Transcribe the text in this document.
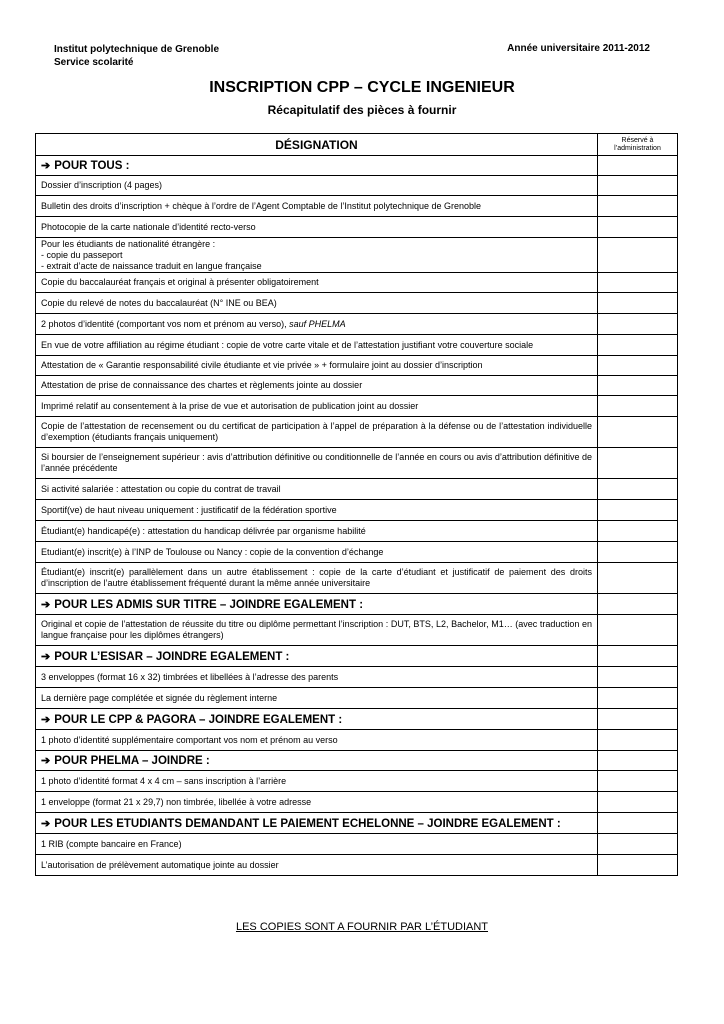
Institut polytechnique de Grenoble
Service scolarité
Année universitaire 2011-2012
INSCRIPTION CPP – CYCLE INGENIEUR
Récapitulatif des pièces à fournir
DÉSIGNATION	Réservé à l’administration
➔ POUR TOUS :	
Dossier d’inscription (4 pages)	
Bulletin des droits d’inscription + chèque à l’ordre de l’Agent Comptable de l’Institut polytechnique de Grenoble	
Photocopie de la carte nationale d’identité recto-verso	
Pour les étudiants de nationalité étrangère :
- copie du passeport
- extrait d’acte de naissance traduit en langue française	
Copie du baccalauréat français et original à présenter obligatoirement	
Copie du relevé de notes du baccalauréat (N° INE ou BEA)	
2 photos d’identité (comportant vos nom et prénom au verso), sauf PHELMA	
En vue de votre affiliation au régime étudiant : copie de votre carte vitale et de l’attestation justifiant votre couverture sociale	
Attestation de « Garantie responsabilité civile étudiante et vie privée » + formulaire joint au dossier d’inscription	
Attestation de prise de connaissance des chartes et règlements jointe au dossier	
Imprimé relatif au consentement à la prise de vue et autorisation de publication joint au dossier	
Copie de l’attestation de recensement ou du certificat de participation à l’appel de préparation à la défense ou de l’attestation individuelle d’exemption (étudiants français uniquement)	
Si boursier de l’enseignement supérieur : avis d’attribution définitive ou conditionnelle de l’année en cours ou avis d’attribution définitive de l’année précédente	
Si activité salariée : attestation ou copie du contrat de travail	
Sportif(ve) de haut niveau uniquement : justificatif de la fédération sportive	
Étudiant(e) handicapé(e) : attestation du handicap délivrée par organisme habilité	
Etudiant(e) inscrit(e) à l’INP de Toulouse ou Nancy : copie de la convention d’échange	
Étudiant(e) inscrit(e) parallèlement dans un autre établissement : copie de la carte d’étudiant et justificatif de paiement des droits d’inscription de l’autre établissement fréquenté durant la même année universitaire	
➔ POUR LES ADMIS SUR TITRE – JOINDRE EGALEMENT :	
Original et copie de l’attestation de réussite du titre ou diplôme permettant l’inscription : DUT, BTS, L2, Bachelor, M1… (avec traduction en langue française pour les diplômes étrangers)	
➔ POUR L’ESISAR – JOINDRE EGALEMENT :	
3 enveloppes (format 16 x 32) timbrées et libellées à l’adresse des parents	
La dernière page complétée et signée du règlement interne	
➔ POUR LE CPP & PAGORA – JOINDRE EGALEMENT :	
1 photo d’identité supplémentaire comportant vos nom et prénom au verso	
➔ POUR PHELMA – JOINDRE :	
1 photo d’identité format 4 x 4 cm – sans inscription à l’arrière	
1 enveloppe (format 21 x 29,7) non timbrée, libellée à votre adresse	
➔ POUR LES ETUDIANTS DEMANDANT LE PAIEMENT ECHELONNE – JOINDRE EGALEMENT :	
1 RIB (compte bancaire en France)	
L’autorisation de prélèvement automatique jointe au dossier	
LES COPIES SONT A FOURNIR PAR L’ÉTUDIANT
